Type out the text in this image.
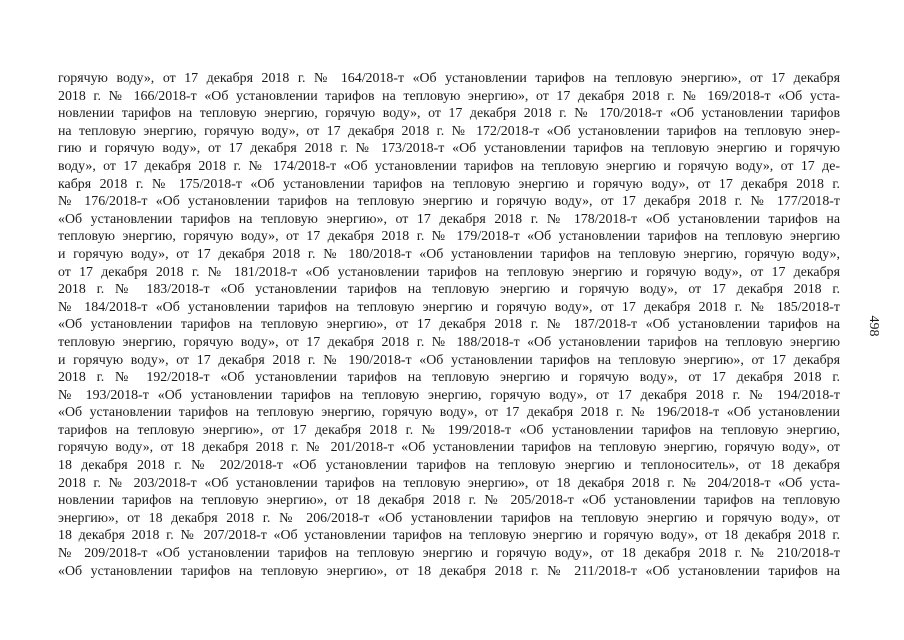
горячую воду», от 17 декабря 2018 г. № 164/2018-т «Об установлении тарифов на тепловую энергию», от 17 декабря
2018 г. № 166/2018-т «Об установлении тарифов на тепловую энергию», от 17 декабря 2018 г. № 169/2018-т «Об уста-
новлении тарифов на тепловую энергию, горячую воду», от 17 декабря 2018 г. № 170/2018-т «Об установлении тарифов
на тепловую энергию, горячую воду», от 17 декабря 2018 г. № 172/2018-т «Об установлении тарифов на тепловую энер-
гию и горячую воду», от 17 декабря 2018 г. № 173/2018-т «Об установлении тарифов на тепловую энергию и горячую
воду», от 17 декабря 2018 г. № 174/2018-т «Об установлении тарифов на тепловую энергию и горячую воду», от 17 де-
кабря 2018 г. № 175/2018-т «Об установлении тарифов на тепловую энергию и горячую воду», от 17 декабря 2018 г.
№ 176/2018-т «Об установлении тарифов на тепловую энергию и горячую воду», от 17 декабря 2018 г. № 177/2018-т
«Об установлении тарифов на тепловую энергию», от 17 декабря 2018 г. № 178/2018-т «Об установлении тарифов на
тепловую энергию, горячую воду», от 17 декабря 2018 г. № 179/2018-т «Об установлении тарифов на тепловую энергию
и горячую воду», от 17 декабря 2018 г. № 180/2018-т «Об установлении тарифов на тепловую энергию, горячую воду»,
от 17 декабря 2018 г. № 181/2018-т «Об установлении тарифов на тепловую энергию и горячую воду», от 17 декабря
2018 г. № 183/2018-т «Об установлении тарифов на тепловую энергию и горячую воду», от 17 декабря 2018 г.
№ 184/2018-т «Об установлении тарифов на тепловую энергию и горячую воду», от 17 декабря 2018 г. № 185/2018-т
«Об установлении тарифов на тепловую энергию», от 17 декабря 2018 г. № 187/2018-т «Об установлении тарифов на
тепловую энергию, горячую воду», от 17 декабря 2018 г. № 188/2018-т «Об установлении тарифов на тепловую энергию
и горячую воду», от 17 декабря 2018 г. № 190/2018-т «Об установлении тарифов на тепловую энергию», от 17 декабря
2018 г. № 192/2018-т «Об установлении тарифов на тепловую энергию и горячую воду», от 17 декабря 2018 г.
№ 193/2018-т «Об установлении тарифов на тепловую энергию, горячую воду», от 17 декабря 2018 г. № 194/2018-т
«Об установлении тарифов на тепловую энергию, горячую воду», от 17 декабря 2018 г. № 196/2018-т «Об установлении
тарифов на тепловую энергию», от 17 декабря 2018 г. № 199/2018-т «Об установлении тарифов на тепловую энергию,
горячую воду», от 18 декабря 2018 г. № 201/2018-т «Об установлении тарифов на тепловую энергию, горячую воду», от
18 декабря 2018 г. № 202/2018-т «Об установлении тарифов на тепловую энергию и теплоноситель», от 18 декабря
2018 г. № 203/2018-т «Об установлении тарифов на тепловую энергию», от 18 декабря 2018 г. № 204/2018-т «Об уста-
новлении тарифов на тепловую энергию», от 18 декабря 2018 г. № 205/2018-т «Об установлении тарифов на тепловую
энергию», от 18 декабря 2018 г. № 206/2018-т «Об установлении тарифов на тепловую энергию и горячую воду», от
18 декабря 2018 г. № 207/2018-т «Об установлении тарифов на тепловую энергию и горячую воду», от 18 декабря 2018 г.
№ 209/2018-т «Об установлении тарифов на тепловую энергию и горячую воду», от 18 декабря 2018 г. № 210/2018-т
«Об установлении тарифов на тепловую энергию», от 18 декабря 2018 г. № 211/2018-т «Об установлении тарифов на
498
